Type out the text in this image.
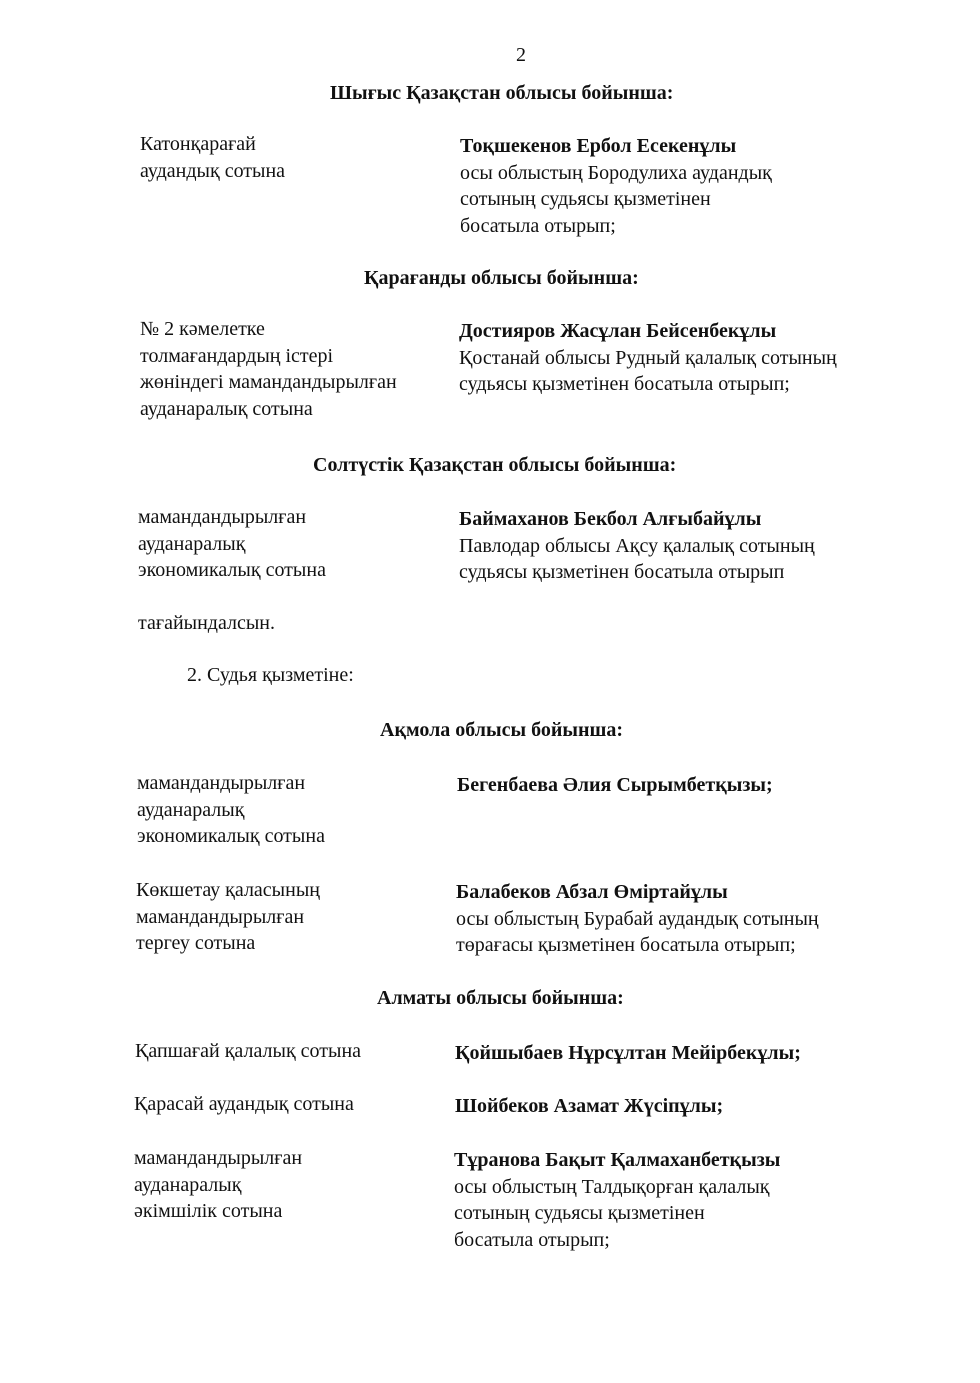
2
Шығыс Қазақстан облысы бойынша:
Катонқарағай
аудандық сотына
Тоқшекенов Ербол Есекенұлы
осы облыстың Бородулиха аудандық
сотының судьясы қызметінен
босатыла отырып;
Қарағанды облысы бойынша:
№ 2 кәмелетке
толмағандардың істері
жөніндегі мамандандырылған
ауданаралық сотына
Достияров Жасұлан Бейсенбекұлы
Қостанай облысы Рудный қалалық сотының
судьясы қызметінен босатыла отырып;
Солтүстік Қазақстан облысы бойынша:
мамандандырылған
ауданаралық
экономикалық сотына
Баймаханов Бекбол Алғыбайұлы
Павлодар облысы Ақсу қалалық сотының
судьясы қызметінен босатыла отырып
тағайындалсын.
2. Судья қызметіне:
Ақмола облысы бойынша:
мамандандырылған
ауданаралық
экономикалық сотына
Бегенбаева Әлия Сырымбетқызы;
Көкшетау қаласының
мамандандырылған
тергеу сотына
Балабеков Абзал Өміртайұлы
осы облыстың Бурабай аудандық сотының
төрағасы қызметінен босатыла отырып;
Алматы облысы бойынша:
Қапшағай қалалық сотына	Қойшыбаев Нұрсұлтан Мейірбекұлы;
Қарасай аудандық сотына	Шойбеков Азамат Жүсіпұлы;
мамандандырылған
ауданаралық
әкімшілік сотына
Тұранова Бақыт Қалмаханбетқызы
осы облыстың Талдықорған қалалық
сотының судьясы қызметінен
босатыла отырып;
